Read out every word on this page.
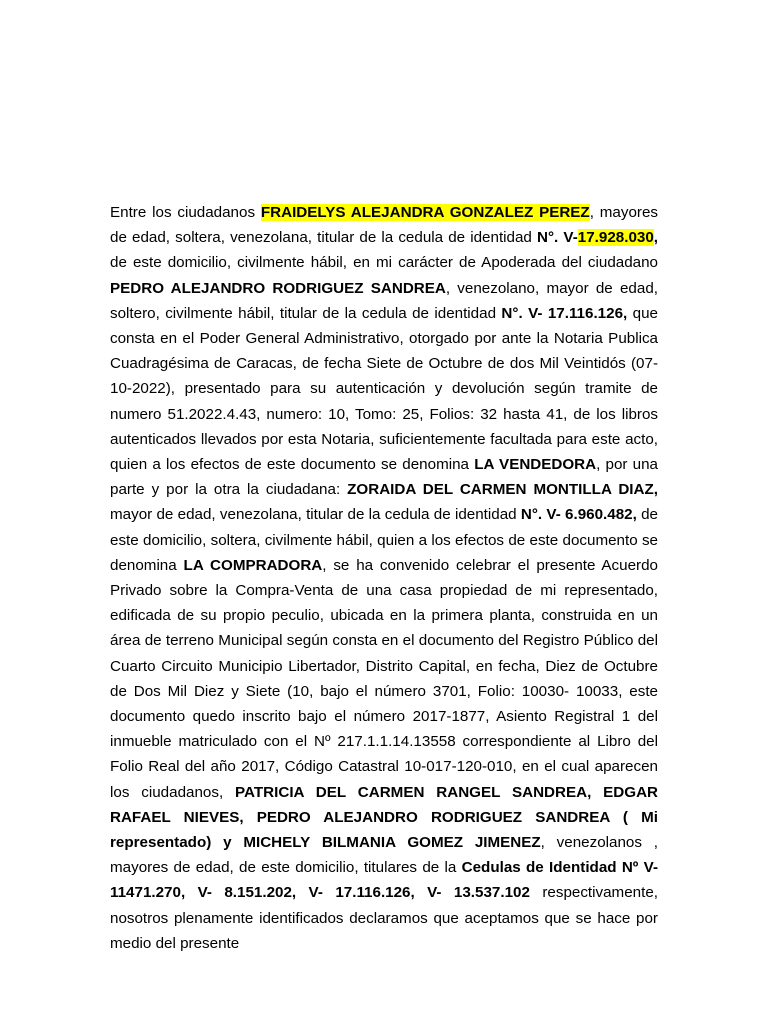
Entre los ciudadanos FRAIDELYS ALEJANDRA GONZALEZ PEREZ, mayores de edad, soltera, venezolana, titular de la cedula de identidad N°. V-17.928.030, de este domicilio, civilmente hábil, en mi carácter de Apoderada del ciudadano PEDRO ALEJANDRO RODRIGUEZ SANDREA, venezolano, mayor de edad, soltero, civilmente hábil, titular de la cedula de identidad N°. V- 17.116.126, que consta en el Poder General Administrativo, otorgado por ante la Notaria Publica Cuadragésima de Caracas, de fecha Siete de Octubre de dos Mil Veintidós (07-10-2022), presentado para su autenticación y devolución según tramite de numero 51.2022.4.43, numero: 10, Tomo: 25, Folios: 32 hasta 41, de los libros autenticados llevados por esta Notaria, suficientemente facultada para este acto, quien a los efectos de este documento se denomina LA VENDEDORA, por una parte y por la otra la ciudadana: ZORAIDA DEL CARMEN MONTILLA DIAZ, mayor de edad, venezolana, titular de la cedula de identidad N°. V- 6.960.482, de este domicilio, soltera, civilmente hábil, quien a los efectos de este documento se denomina LA COMPRADORA, se ha convenido celebrar el presente Acuerdo Privado sobre la Compra-Venta de una casa propiedad de mi representado, edificada de su propio peculio, ubicada en la primera planta, construida en un área de terreno Municipal según consta en el documento del Registro Público del Cuarto Circuito Municipio Libertador, Distrito Capital, en fecha, Diez de Octubre de Dos Mil Diez y Siete (10, bajo el número 3701, Folio: 10030- 10033, este documento quedo inscrito bajo el número 2017-1877, Asiento Registral 1 del inmueble matriculado con el Nº 217.1.1.14.13558 correspondiente al Libro del Folio Real del año 2017, Código Catastral 10-017-120-010, en el cual aparecen los ciudadanos, PATRICIA DEL CARMEN RANGEL SANDREA, EDGAR RAFAEL NIEVES, PEDRO ALEJANDRO RODRIGUEZ SANDREA ( Mi representado) y MICHELY BILMANIA GOMEZ JIMENEZ, venezolanos , mayores de edad, de este domicilio, titulares de la Cedulas de Identidad Nº V- 11471.270, V- 8.151.202, V- 17.116.126, V- 13.537.102 respectivamente, nosotros plenamente identificados declaramos que aceptamos que se hace por medio del presente
